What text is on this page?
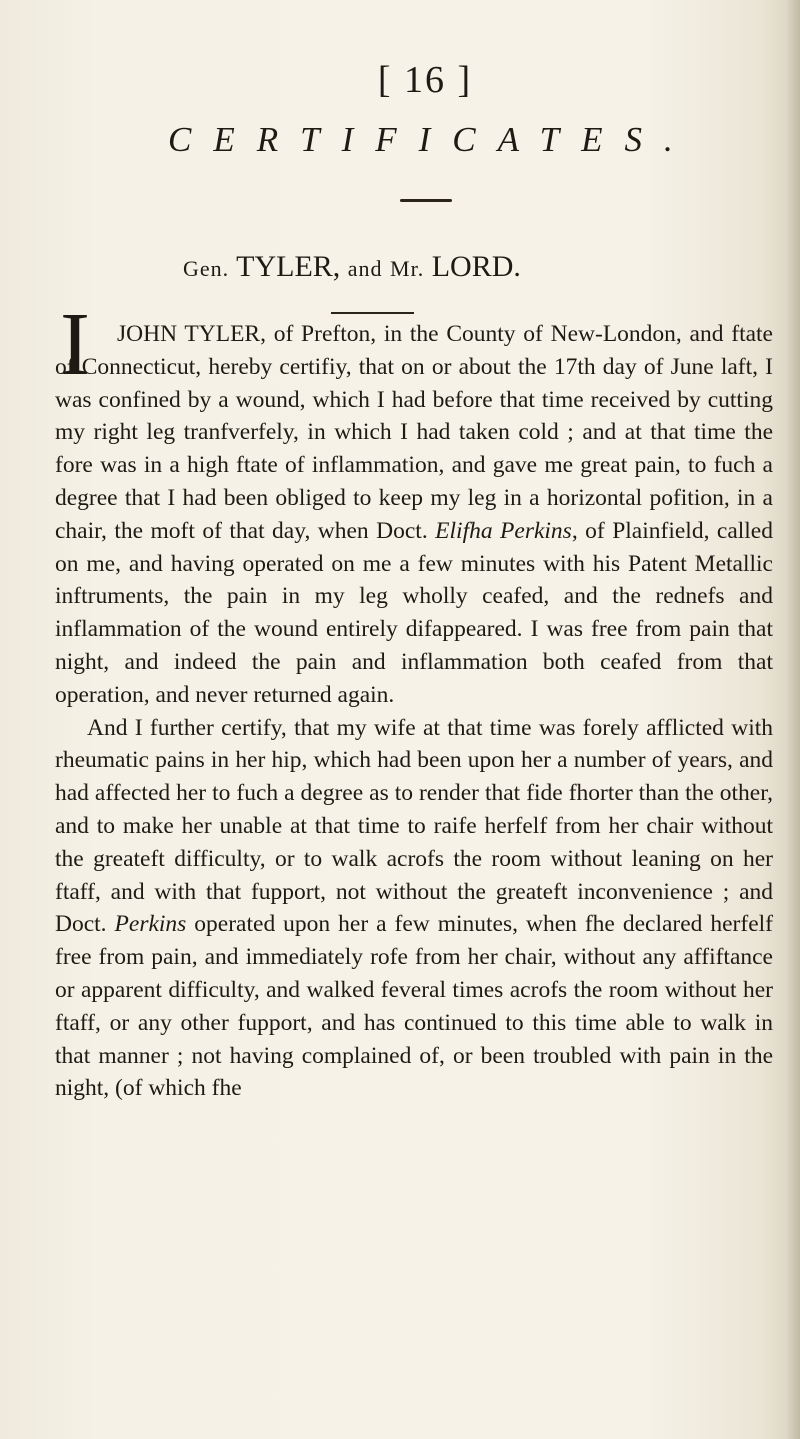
[ 16 ]
CERTIFICATES.
Gen. TYLER, and Mr. LORD.
I	JOHN TYLER, of Prefton, in the County of New-London, and ftate of Connecticut, hereby certifiy, that on or about the 17th day of June laft, I was confined by a wound, which I had before that time received by cutting my right leg tranfverfely, in which I had taken cold ; and at that time the fore was in a high ftate of inflammation, and gave me great pain, to fuch a degree that I had been obliged to keep my leg in a horizontal pofition, in a chair, the moft of that day, when Doct. Elifha Perkins, of Plainfield, called on me, and having operated on me a few minutes with his Patent Metallic inftruments, the pain in my leg wholly ceafed, and the rednefs and inflammation of the wound entirely difappeared. I was free from pain that night, and indeed the pain and inflammation both ceafed from that operation, and never returned again.

And I further certify, that my wife at that time was forely afflicted with rheumatic pains in her hip, which had been upon her a number of years, and had affected her to fuch a degree as to render that fide fhorter than the other, and to make her unable at that time to raife herfelf from her chair without the greateft difficulty, or to walk acrofs the room without leaning on her ftaff, and with that fupport, not without the greateft inconvenience ; and Doct. Perkins operated upon her a few minutes, when fhe declared herfelf free from pain, and immediately rofe from her chair, without any affiftance or apparent difficulty, and walked feveral times acrofs the room without her ftaff, or any other fupport, and has continued to this time able to walk in that manner ; not having complained of, or been troubled with pain in the night, (of which fhe
